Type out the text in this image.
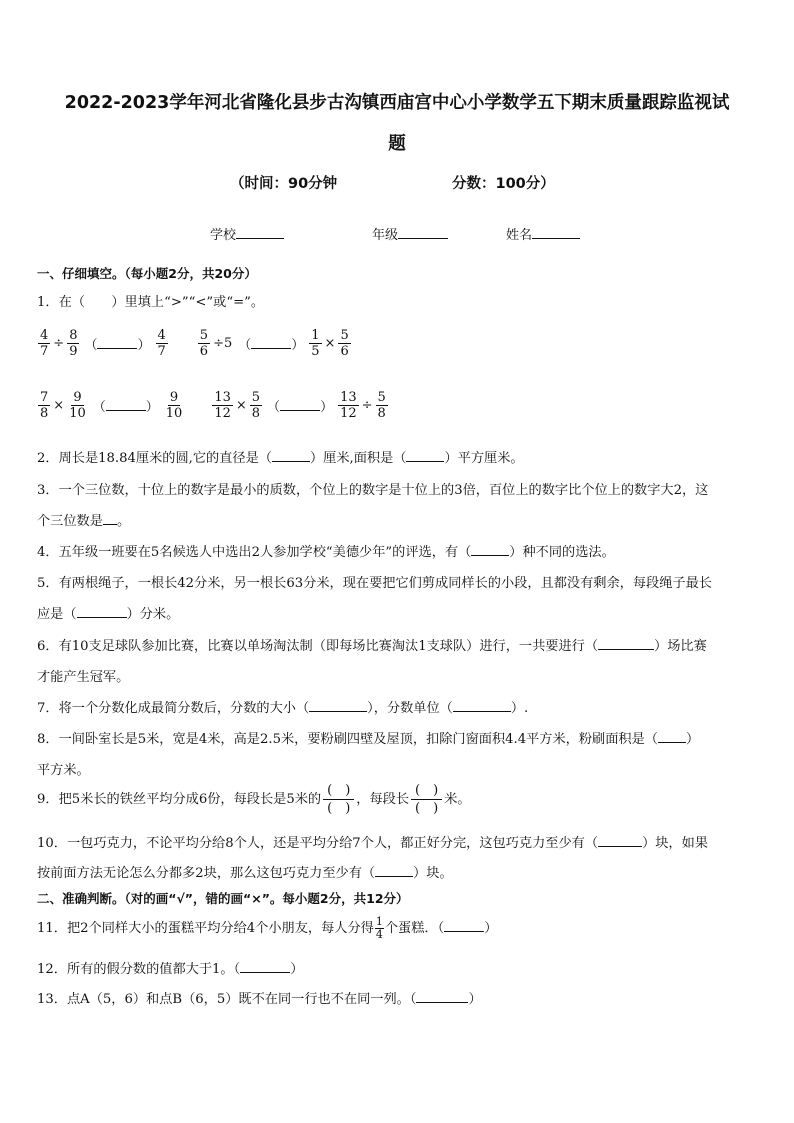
2022-2023学年河北省隆化县步古沟镇西庙宫中心小学数学五下期末质量跟踪监视试
题
（时间：90分钟	分数：100分）
学校	年级	姓名
一、仔细填空。（每小题2分，共20分）
1．在（　　）里填上“>”“<”或“=”。
$\frac{4}{7} \div \frac{8}{9}$ （	） $\frac{4}{7} \frac{5}{6} \div 5$ （	） $\frac{1}{5} \times \frac{5}{6}$
$\frac{7}{8} \times \frac{9}{10}$ （	） $\frac{9}{10} \frac{13}{12} \times \frac{5}{8}$ （	） $\frac{13}{12} \div \frac{5}{8}$
2．周长是18.84厘米的圆,它的直径是（	）厘米,面积是（	）平方厘米。
3．一个三位数，十位上的数字是最小的质数，个位上的数字是十位上的3倍，百位上的数字比个位上的数字大2，这
个三位数是 。
4．五年级一班要在5名候选人中选出2人参加学校“美德少年”的评选，有（	）种不同的选法。
5．有两根绳子，一根长42分米，另一根长63分米，现在要把它们剪成同样长的小段，且都没有剩余，每段绳子最长
应是（	）分米。
6．有10支足球队参加比赛，比赛以单场淘汰制（即每场比赛淘汰1支球队）进行，一共要进行（	）场比赛
才能产生冠军。
7．将一个分数化成最简分数后，分数的大小（	），分数单位（	）.
8．一间卧室长是5米，宽是4米，高是2.5米，要粉刷四壁及屋顶，扣除门窗面积4.4平方米，粉刷面积是（ ）
平方米。
9．把5米长的铁丝平均分成6份，每段长是5米的 $\frac{( )}{( )}$ ，每段长 $\frac{( )}{( )}$ 米。
10．一包巧克力，不论平均分给8个人，还是平均分给7个人，都正好分完，这包巧克力至少有（	）块，如果
按前面方法无论怎么分都多2块，那么这包巧克力至少有（	）块。
二、准确判断。（对的画“√”，错的画“×”。每小题2分，共12分）
11．把2个同样大小的蛋糕平均分给4个小朋友，每人分得 $\frac{1}{4}$ 个蛋糕．（	）
12．所有的假分数的值都大于1。（	）
13．点A（5，6）和点B（6，5）既不在同一行也不在同一列。（	）
